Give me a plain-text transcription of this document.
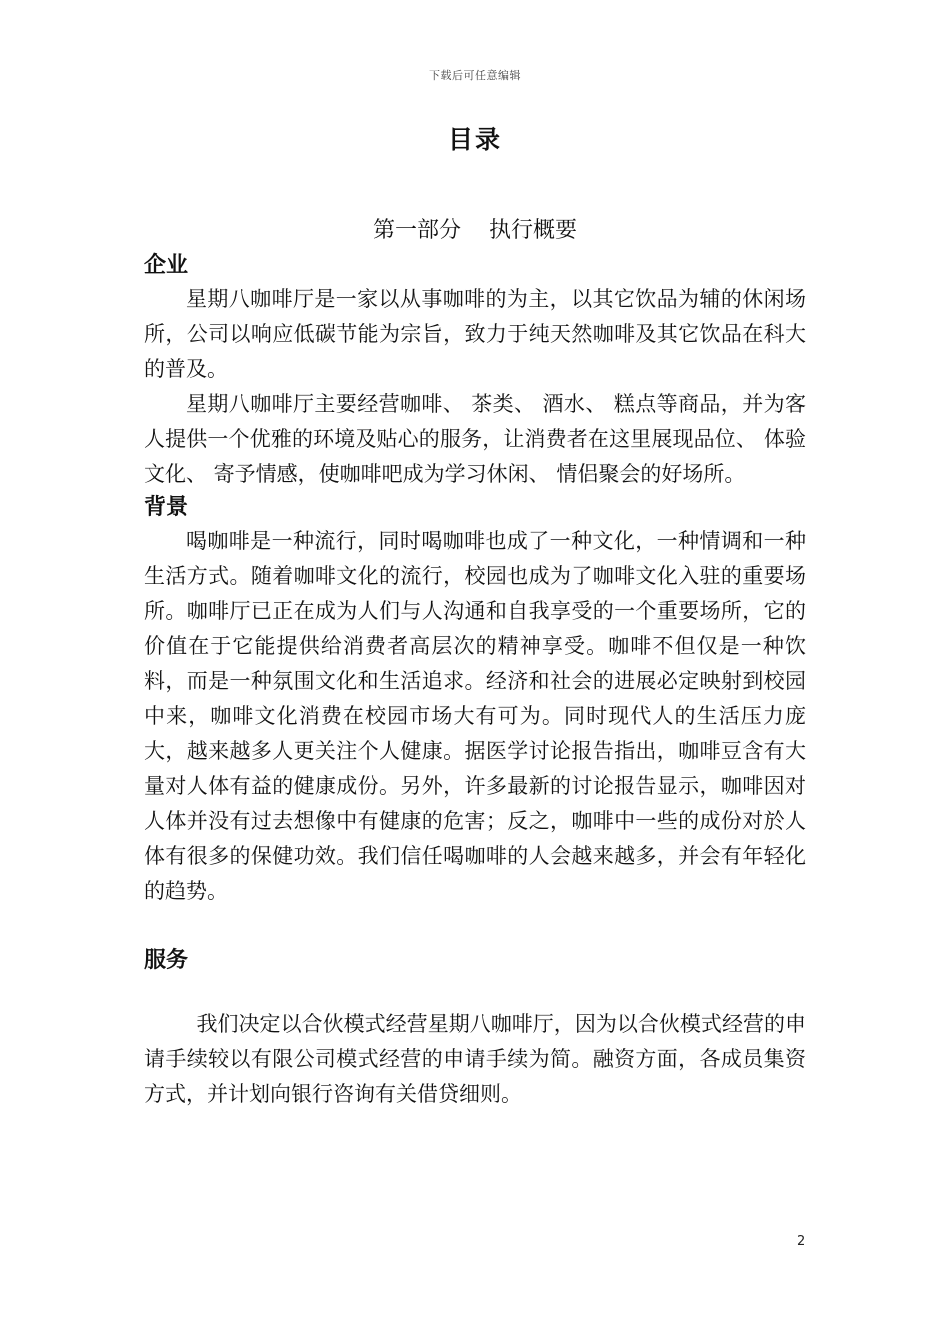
下载后可任意编辑
目录
第一部分    执行概要
企业

星期八咖啡厅是一家以从事咖啡的为主，以其它饮品为辅的休闲场所，公司以响应低碳节能为宗旨，致力于纯天然咖啡及其它饮品在科大的普及。

星期八咖啡厅主要经营咖啡、 茶类、 酒水、 糕点等商品，并为客人提供一个优雅的环境及贴心的服务，让消费者在这里展现品位、 体验文化、 寄予情感，使咖啡吧成为学习休闲、 情侣聚会的好场所。

背景

喝咖啡是一种流行，同时喝咖啡也成了一种文化，一种情调和一种生活方式。随着咖啡文化的流行，校园也成为了咖啡文化入驻的重要场所。咖啡厅已正在成为人们与人沟通和自我享受的一个重要场所，它的价值在于它能提供给消费者高层次的精神享受。咖啡不但仅是一种饮料，而是一种氛围文化和生活追求。经济和社会的进展必定映射到校园中来，咖啡文化消费在校园市场大有可为。同时现代人的生活压力庞大，越来越多人更关注个人健康。据医学讨论报告指出，咖啡豆含有大量对人体有益的健康成份。另外，许多最新的讨论报告显示，咖啡因对人体并没有过去想像中有健康的危害；反之，咖啡中一些的成份对於人体有很多的保健功效。我们信任喝咖啡的人会越来越多，并会有年轻化的趋势。

服务

我们决定以合伙模式经营星期八咖啡厅，因为以合伙模式经营的申请手续较以有限公司模式经营的申请手续为简。融资方面，各成员集资方式，并计划向银行咨询有关借贷细则。

2
